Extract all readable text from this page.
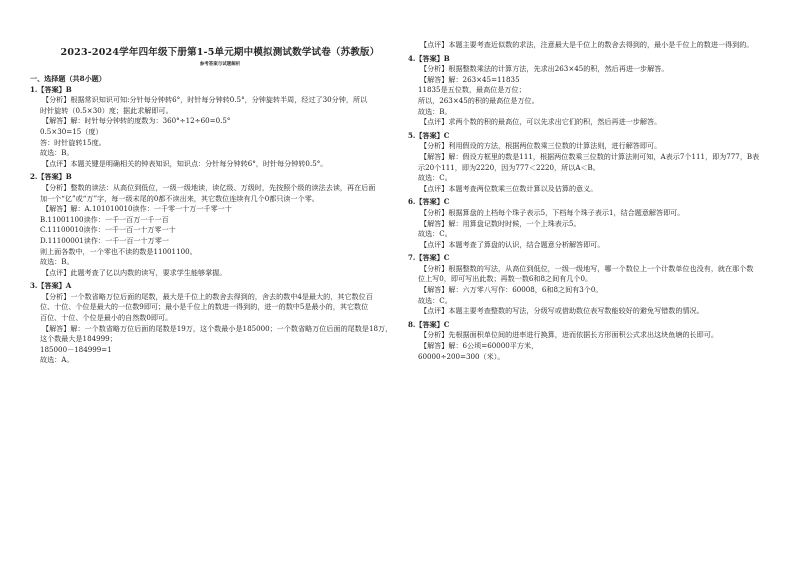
2023-2024学年四年级下册第1-5单元期中模拟测试数学试卷（苏教版）
参考答案与试题解析
一、选择题（共8小题）
1.【答案】B
【分析】根据常识知识可知:分针每分钟转6°，时针每分钟转0.5°，分钟旋转半周，经过了30分钟，所以
时针旋转（0.5×30）度；据此求解即可。
【解答】解：时针每分钟转的度数为：360°÷12÷60=0.5°
0.5×30=15（度）
答：时针旋转15度。
故选：B。
【点评】本题关键是明确相关的钟表知识，知识点：分针每分钟转6°，时针每分钟转0.5°。
2.【答案】B
【分析】整数的读法：从高位到低位，一级一级地读，读亿级、万级时，先按照个级的读法去读，再在后面
加一个“亿”或“万”字，每一级末尾的0都不读出来，其它数位连续有几个0都只读一个零。
【解答】解：A.101010010读作：一千零一十万一千零一十
B.11001100读作：一千一百万一千一百
C.11100010读作：一千一百一十万零一十
D.11100001读作：一千一百一十万零一
则上面各数中，一个零也不读的数是11001100。
故选：B。
【点评】此题考查了亿以内数的读写，要求学生能够掌握。
3.【答案】A
【分析】一个数省略万位后面的尾数，最大是千位上的数舍去得到的，舍去的数中4是最大的，其它数位百
位、十位、个位是最大的一位数9即可；最小是千位上的数进一得到的，进一的数中5是最小的，其它数位
百位、十位、个位是最小的自然数0即可。
【解答】解：一个数省略万位后面的尾数是19万，这个数最小是185000；一个数省略万位后面的尾数是18万，
这个数最大是184999；
185000－184999=1
故选：A。
【点评】本题主要考查近似数的求法，注意最大是千位上的数舍去得到的，最小是千位上的数进一得到的。
4.【答案】B
【分析】根据整数乘法的计算方法，先求出263×45的积，然后再进一步解答。
【解答】解：263×45=11835
11835是五位数，最高位是万位；
所以，263×45的积的最高位是万位。
故选：B。
【点评】求两个数的积的最高位，可以先求出它们的积，然后再进一步解答。
5.【答案】C
【分析】利用假设的方法，根据两位数乘三位数的计算法则，进行解答即可。
【解答】解：假设方框里的数是111，根据两位数乘三位数的计算法则可知，A表示7个111，即为777，B表
示20个111，即为2220，因为777＜2220，所以A＜B。
故选：C。
【点评】本题考查两位数乘三位数计算以及估算的意义。
6.【答案】C
【分析】根据算盘的上档每个珠子表示5，下档每个珠子表示1，结合题意解答即可。
【解答】解：用算盘记数时时候，一个上珠表示5。
故选：C。
【点评】本题考查了算盘的认识，结合题意分析解答即可。
7.【答案】C
【分析】根据整数的写法，从高位到低位，一级一级地写，哪一个数位上一个计数单位也没有，就在那个数
位上写0，即可写出此数；再数一数6和8之间有几个0。
【解答】解：六万零八写作：60008，6和8之间有3个0。
故选：C。
【点评】本题主要考查整数的写法，分级写或借助数位表写数能较好的避免写错数的情况。
8.【答案】C
【分析】先根据面积单位间的进率进行换算，进而依据长方形面积公式求出这块鱼塘的长即可。
【解答】解：6公顷=60000平方米，
60000÷200=300（米）。
